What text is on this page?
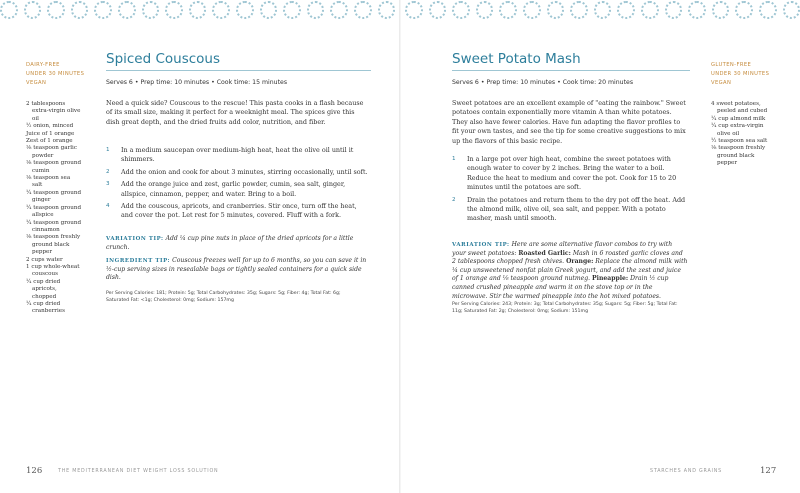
DAIRY-FREE
UNDER 30 MINUTES
VEGAN
2 tablespoons extra-virgin olive oil
½ onion, minced
Juice of 1 orange
Zest of 1 orange
⅛ teaspoon garlic powder
⅛ teaspoon ground cumin
⅛ teaspoon sea salt
¼ teaspoon ground ginger
¼ teaspoon ground allspice
¼ teaspoon ground cinnamon
⅛ teaspoon freshly ground black pepper
2 cups water
1 cup whole-wheat couscous
¼ cup dried apricots, chopped
¼ cup dried cranberries
Spiced Couscous
Serves 6 • Prep time: 10 minutes • Cook time: 15 minutes
Need a quick side? Couscous to the rescue! This pasta cooks in a flash because of its small size, making it perfect for a weeknight meal. The spices give this dish great depth, and the dried fruits add color, nutrition, and fiber.
1 In a medium saucepan over medium-high heat, heat the olive oil until it shimmers.
2 Add the onion and cook for about 3 minutes, stirring occasionally, until soft.
3 Add the orange juice and zest, garlic powder, cumin, sea salt, ginger, allspice, cinnamon, pepper, and water. Bring to a boil.
4 Add the couscous, apricots, and cranberries. Stir once, turn off the heat, and cover the pot. Let rest for 5 minutes, covered. Fluff with a fork.
VARIATION TIP: Add ¼ cup pine nuts in place of the dried apricots for a little crunch.
INGREDIENT TIP: Couscous freezes well for up to 6 months, so you can save it in ½-cup serving sizes in resealable bags or tightly sealed containers for a quick side dish.
Per Serving Calories: 181; Protein: 5g; Total Carbohydrates: 35g; Sugars: 5g; Fiber: 4g; Total Fat: 6g; Saturated Fat: <1g; Cholesterol: 0mg; Sodium: 157mg
126	THE MEDITERRANEAN DIET WEIGHT LOSS SOLUTION
Sweet Potato Mash
Serves 6 • Prep time: 10 minutes • Cook time: 20 minutes
Sweet potatoes are an excellent example of "eating the rainbow." Sweet potatoes contain exponentially more vitamin A than white potatoes. They also have fewer calories. Have fun adapting the flavor profiles to fit your own tastes, and see the tip for some creative suggestions to mix up the flavors of this basic recipe.
1 In a large pot over high heat, combine the sweet potatoes with enough water to cover by 2 inches. Bring the water to a boil. Reduce the heat to medium and cover the pot. Cook for 15 to 20 minutes until the potatoes are soft.
2 Drain the potatoes and return them to the dry pot off the heat. Add the almond milk, olive oil, sea salt, and pepper. With a potato masher, mash until smooth.
VARIATION TIP: Here are some alternative flavor combos to try with your sweet potatoes: Roasted Garlic: Mash in 6 roasted garlic cloves and 2 tablespoons chopped fresh chives. Orange: Replace the almond milk with ¼ cup unsweetened nonfat plain Greek yogurt, and add the zest and juice of 1 orange and ⅛ teaspoon ground nutmeg. Pineapple: Drain ½ cup canned crushed pineapple and warm it on the stove top or in the microwave. Stir the warmed pineapple into the hot mixed potatoes.
Per Serving Calories: 243; Protein: 3g; Total Carbohydrates: 35g; Sugars: 5g; Fiber: 5g; Total Fat: 11g; Saturated Fat: 2g; Cholesterol: 0mg; Sodium: 151mg
GLUTEN-FREE
UNDER 30 MINUTES
VEGAN
4 sweet potatoes, peeled and cubed
¼ cup almond milk
¼ cup extra-virgin olive oil
½ teaspoon sea salt
⅛ teaspoon freshly ground black pepper
STARCHES AND GRAINS	127
